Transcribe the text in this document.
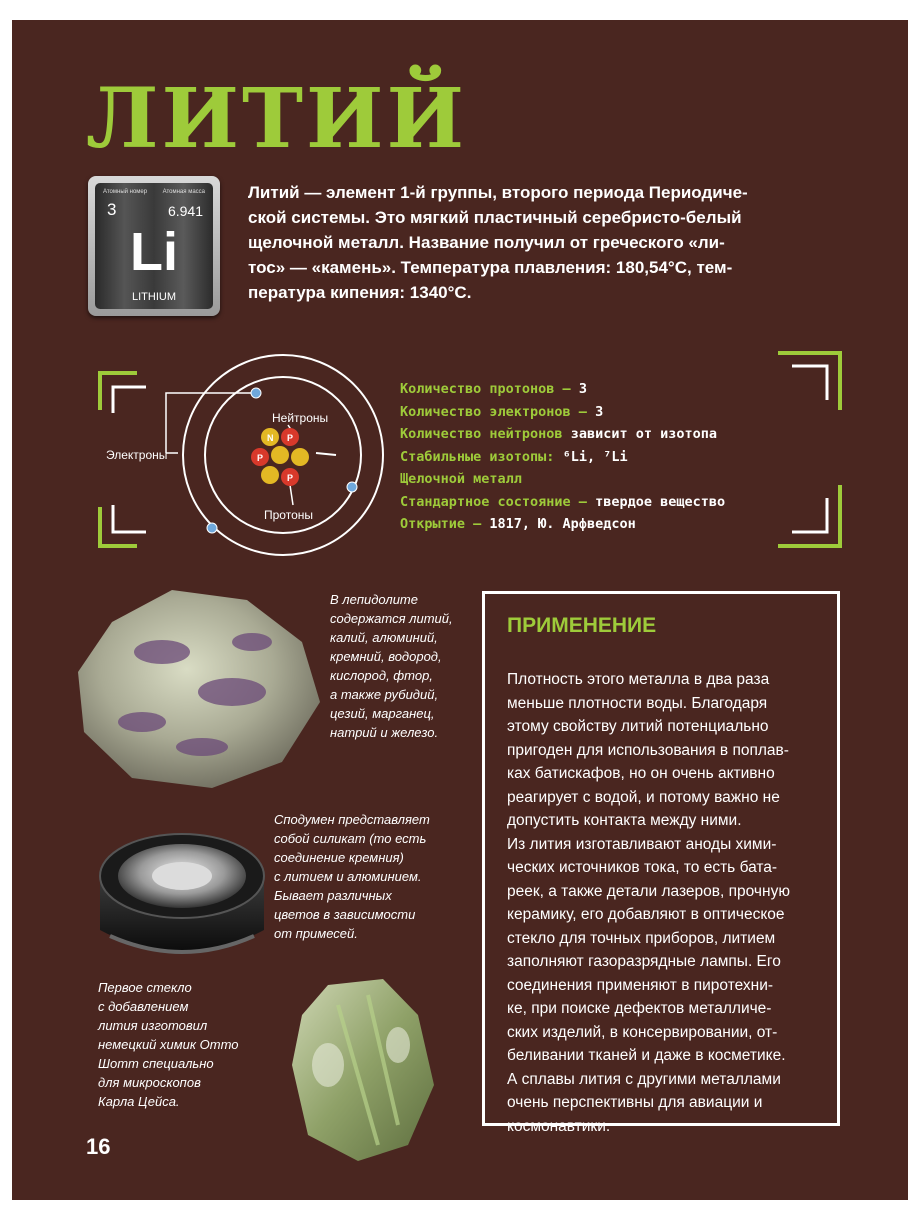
ЛИТИЙ
Атомный номер	Атомная масса
3	6.941
Li
LITHIUM
Литий — элемент 1-й группы, второго периода Периодиче-
ской системы. Это мягкий пластичный серебристо-белый
щелочной металл. Название получил от греческого «ли-
тос» — «камень». Температура плавления: 180,54°С, тем-
пература кипения: 1340°С.
P
N
P
P
Электроны
Нейтроны
Протоны
Количество протонов — 3
Количество электронов — 3
Количество нейтронов зависит от изотопа
Стабильные изотопы: ⁶Li, ⁷Li
Щелочной металл
Стандартное состояние — твердое вещество
Открытие — 1817, Ю. Арфведсон
В лепидолите
содержатся литий,
калий, алюминий,
кремний, водород,
кислород, фтор,
а также рубидий,
цезий, марганец,
натрий и железо.
Сподумен представляет
собой силикат (то есть
соединение кремния)
с литием и алюминием.
Бывает различных
цветов в зависимости
от примесей.
Первое стекло
с добавлением
лития изготовил
немецкий химик Отто
Шотт специально
для микроскопов
Карла Цейса.
ПРИМЕНЕНИЕ
Плотность этого металла в два раза
меньше плотности воды. Благодаря
этому свойству литий потенциально
пригоден для использования в поплав-
ках батискафов, но он очень активно
реагирует с водой, и потому важно не
допустить контакта между ними.
Из лития изготавливают аноды хими-
ческих источников тока, то есть бата-
реек, а также детали лазеров, прочную
керамику, его добавляют в оптическое
стекло для точных приборов, литием
заполняют газоразрядные лампы. Его
соединения применяют в пиротехни-
ке, при поиске дефектов металличе-
ских изделий, в консервировании, от-
беливании тканей и даже в косметике.
А сплавы лития с другими металлами
очень перспективны для авиации и
космонавтики.
16
